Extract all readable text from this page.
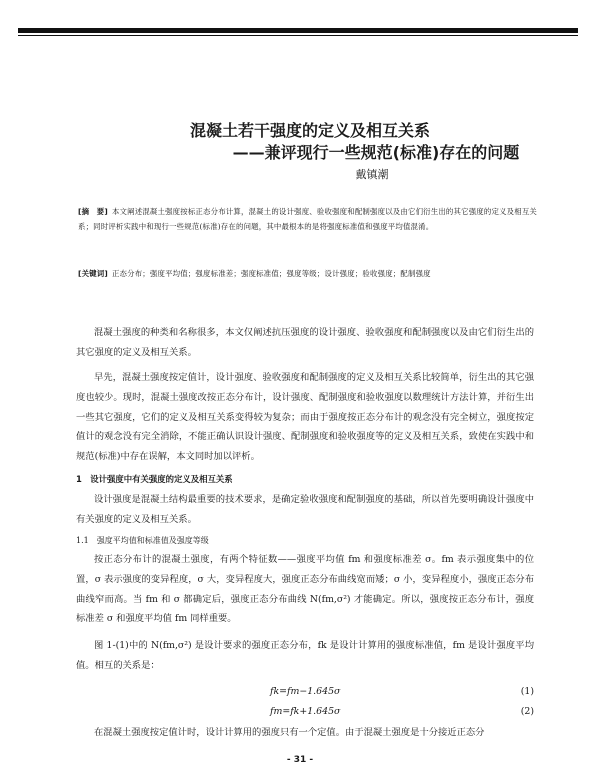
混凝土若干强度的定义及相互关系
——兼评现行一些规范(标准)存在的问题
戴镇潮
[摘　要] 本文阐述混凝土强度按标正态分布计算，混凝土的设计强度、验收强度和配制强度以及由它们衍生出的其它强度的定义及相互关系；同时评析实践中和现行一些规范(标准)存在的问题，其中最根本的是将强度标准值和强度平均值混淆。
[关键词] 正态分布；强度平均值；强度标准差；强度标准值；强度等级；设计强度；验收强度；配制强度
混凝土强度的种类和名称很多，本文仅阐述抗压强度的设计强度、验收强度和配制强度以及由它们衍生出的其它强度的定义及相互关系。
早先，混凝土强度按定值计，设计强度、验收强度和配制强度的定义及相互关系比较简单，衍生出的其它强度也较少。现时，混凝土强度改按正态分布计，设计强度、配制强度和验收强度以数理统计方法计算，并衍生出一些其它强度，它们的定义及相互关系变得较为复杂；而由于强度按正态分布计的观念没有完全树立，强度按定值计的观念没有完全消除，不能正确认识设计强度、配制强度和验收强度等的定义及相互关系，致使在实践中和规范(标准)中存在误解，本文同时加以评析。
1　设计强度中有关强度的定义及相互关系
设计强度是混凝土结构最重要的技术要求，是确定验收强度和配制强度的基础，所以首先要明确设计强度中有关强度的定义及相互关系。
1.1　强度平均值和标准值及强度等级
按正态分布计的混凝土强度，有两个特征数——强度平均值 fm 和强度标准差 σ。fm 表示强度集中的位置，σ 表示强度的变异程度，σ 大，变异程度大，强度正态分布曲线宽而矮；σ 小，变异程度小，强度正态分布曲线窄而高。当 fm 和 σ 都确定后，强度正态分布曲线 N(fm,σ²) 才能确定。所以，强度按正态分布计，强度标准差 σ 和强度平均值 fm 同样重要。
图 1-(1)中的 N(fm,σ²) 是设计要求的强度正态分布，fk 是设计计算用的强度标准值，fm 是设计强度平均值。相互的关系是：
fk=fm−1.645σ	(1)
fm=fk+1.645σ	(2)
在混凝土强度按定值计时，设计计算用的强度只有一个定值。由于混凝土强度是十分接近正态分
- 31 -
